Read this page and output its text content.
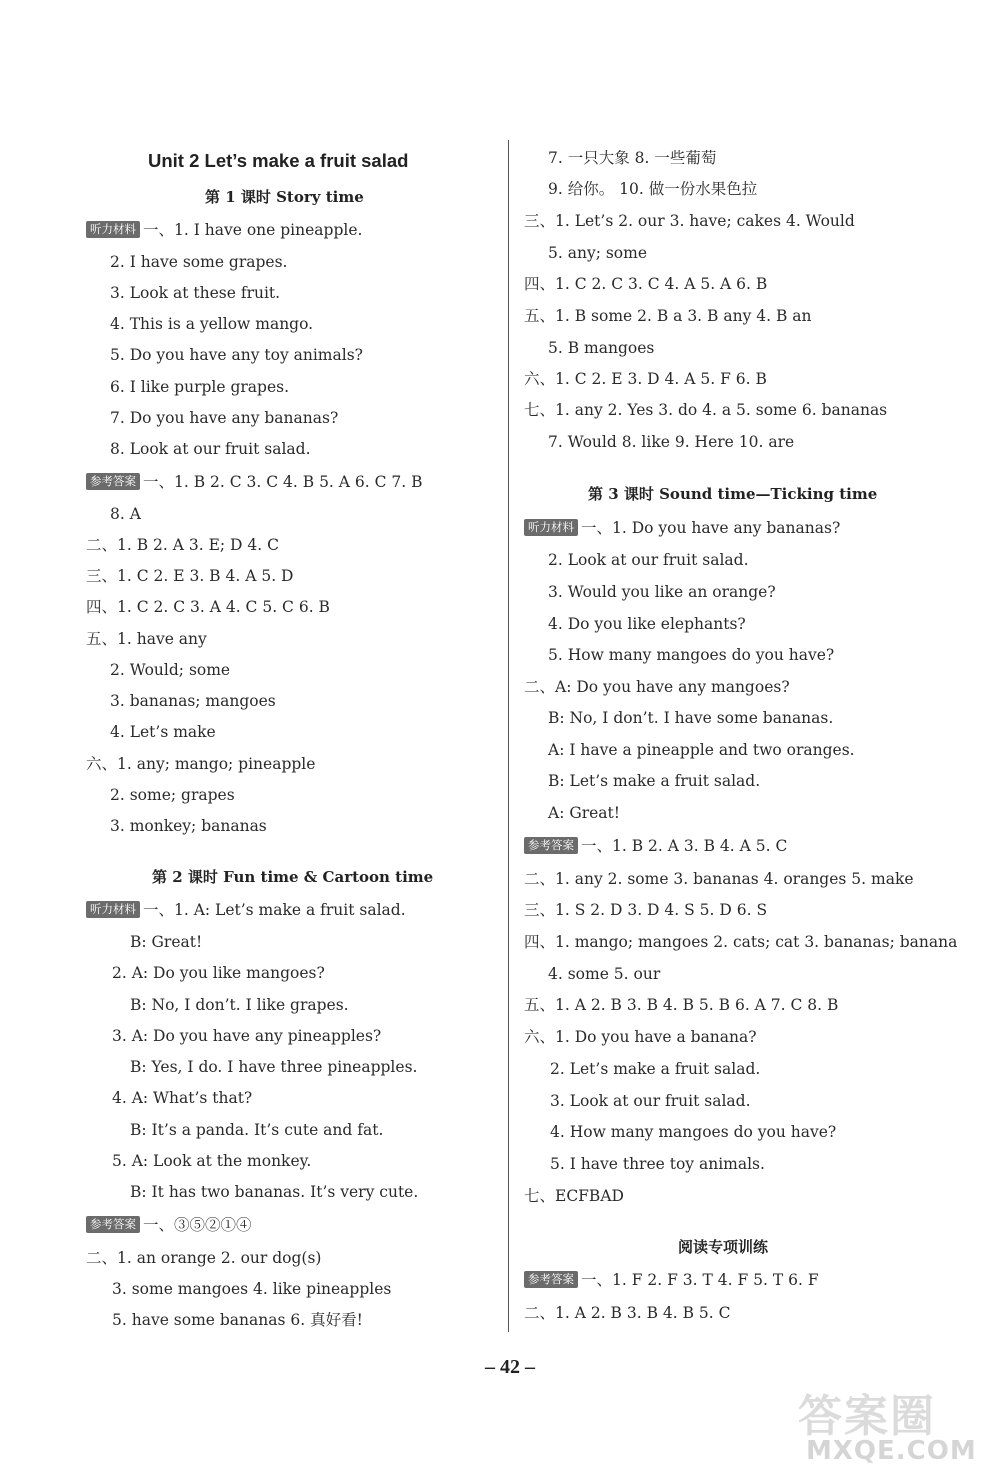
Unit 2 Let’s make a fruit salad
第 1 课时 Story time
听力材料 一、1. I have one pineapple.
2. I have some grapes.
3. Look at these fruit.
4. This is a yellow mango.
5. Do you have any toy animals?
6. I like purple grapes.
7. Do you have any bananas?
8. Look at our fruit salad.
参考答案 一、1. B 2. C 3. C 4. B 5. A 6. C 7. B
8. A
二、1. B 2. A 3. E; D 4. C
三、1. C 2. E 3. B 4. A 5. D
四、1. C 2. C 3. A 4. C 5. C 6. B
五、1. have any
2. Would; some
3. bananas; mangoes
4. Let’s make
六、1. any; mango; pineapple
2. some; grapes
3. monkey; bananas
第 2 课时 Fun time & Cartoon time
听力材料 一、1. A: Let’s make a fruit salad.
B: Great!
2. A: Do you like mangoes?
B: No, I don’t. I like grapes.
3. A: Do you have any pineapples?
B: Yes, I do. I have three pineapples.
4. A: What’s that?
B: It’s a panda. It’s cute and fat.
5. A: Look at the monkey.
B: It has two bananas. It’s very cute.
参考答案 一、③⑤②①④
二、1. an orange 2. our dog(s)
3. some mangoes 4. like pineapples
5. have some bananas 6. 真好看!
7. 一只大象 8. 一些葡萄
9. 给你。 10. 做一份水果色拉
三、1. Let’s 2. our 3. have; cakes 4. Would
5. any; some
四、1. C 2. C 3. C 4. A 5. A 6. B
五、1. B some 2. B a 3. B any 4. B an
5. B mangoes
六、1. C 2. E 3. D 4. A 5. F 6. B
七、1. any 2. Yes 3. do 4. a 5. some 6. bananas
7. Would 8. like 9. Here 10. are
第 3 课时 Sound time—Ticking time
听力材料 一、1. Do you have any bananas?
2. Look at our fruit salad.
3. Would you like an orange?
4. Do you like elephants?
5. How many mangoes do you have?
二、A: Do you have any mangoes?
B: No, I don’t. I have some bananas.
A: I have a pineapple and two oranges.
B: Let’s make a fruit salad.
A: Great!
参考答案 一、1. B 2. A 3. B 4. A 5. C
二、1. any 2. some 3. bananas 4. oranges 5. make
三、1. S 2. D 3. D 4. S 5. D 6. S
四、1. mango; mangoes 2. cats; cat 3. bananas; banana
4. some 5. our
五、1. A 2. B 3. B 4. B 5. B 6. A 7. C 8. B
六、1. Do you have a banana?
2. Let’s make a fruit salad.
3. Look at our fruit salad.
4. How many mangoes do you have?
5. I have three toy animals.
七、ECFBAD
阅读专项训练
参考答案 一、1. F 2. F 3. T 4. F 5. T 6. F
二、1. A 2. B 3. B 4. B 5. C
– 42 –
答案圈
MXQE.COM
